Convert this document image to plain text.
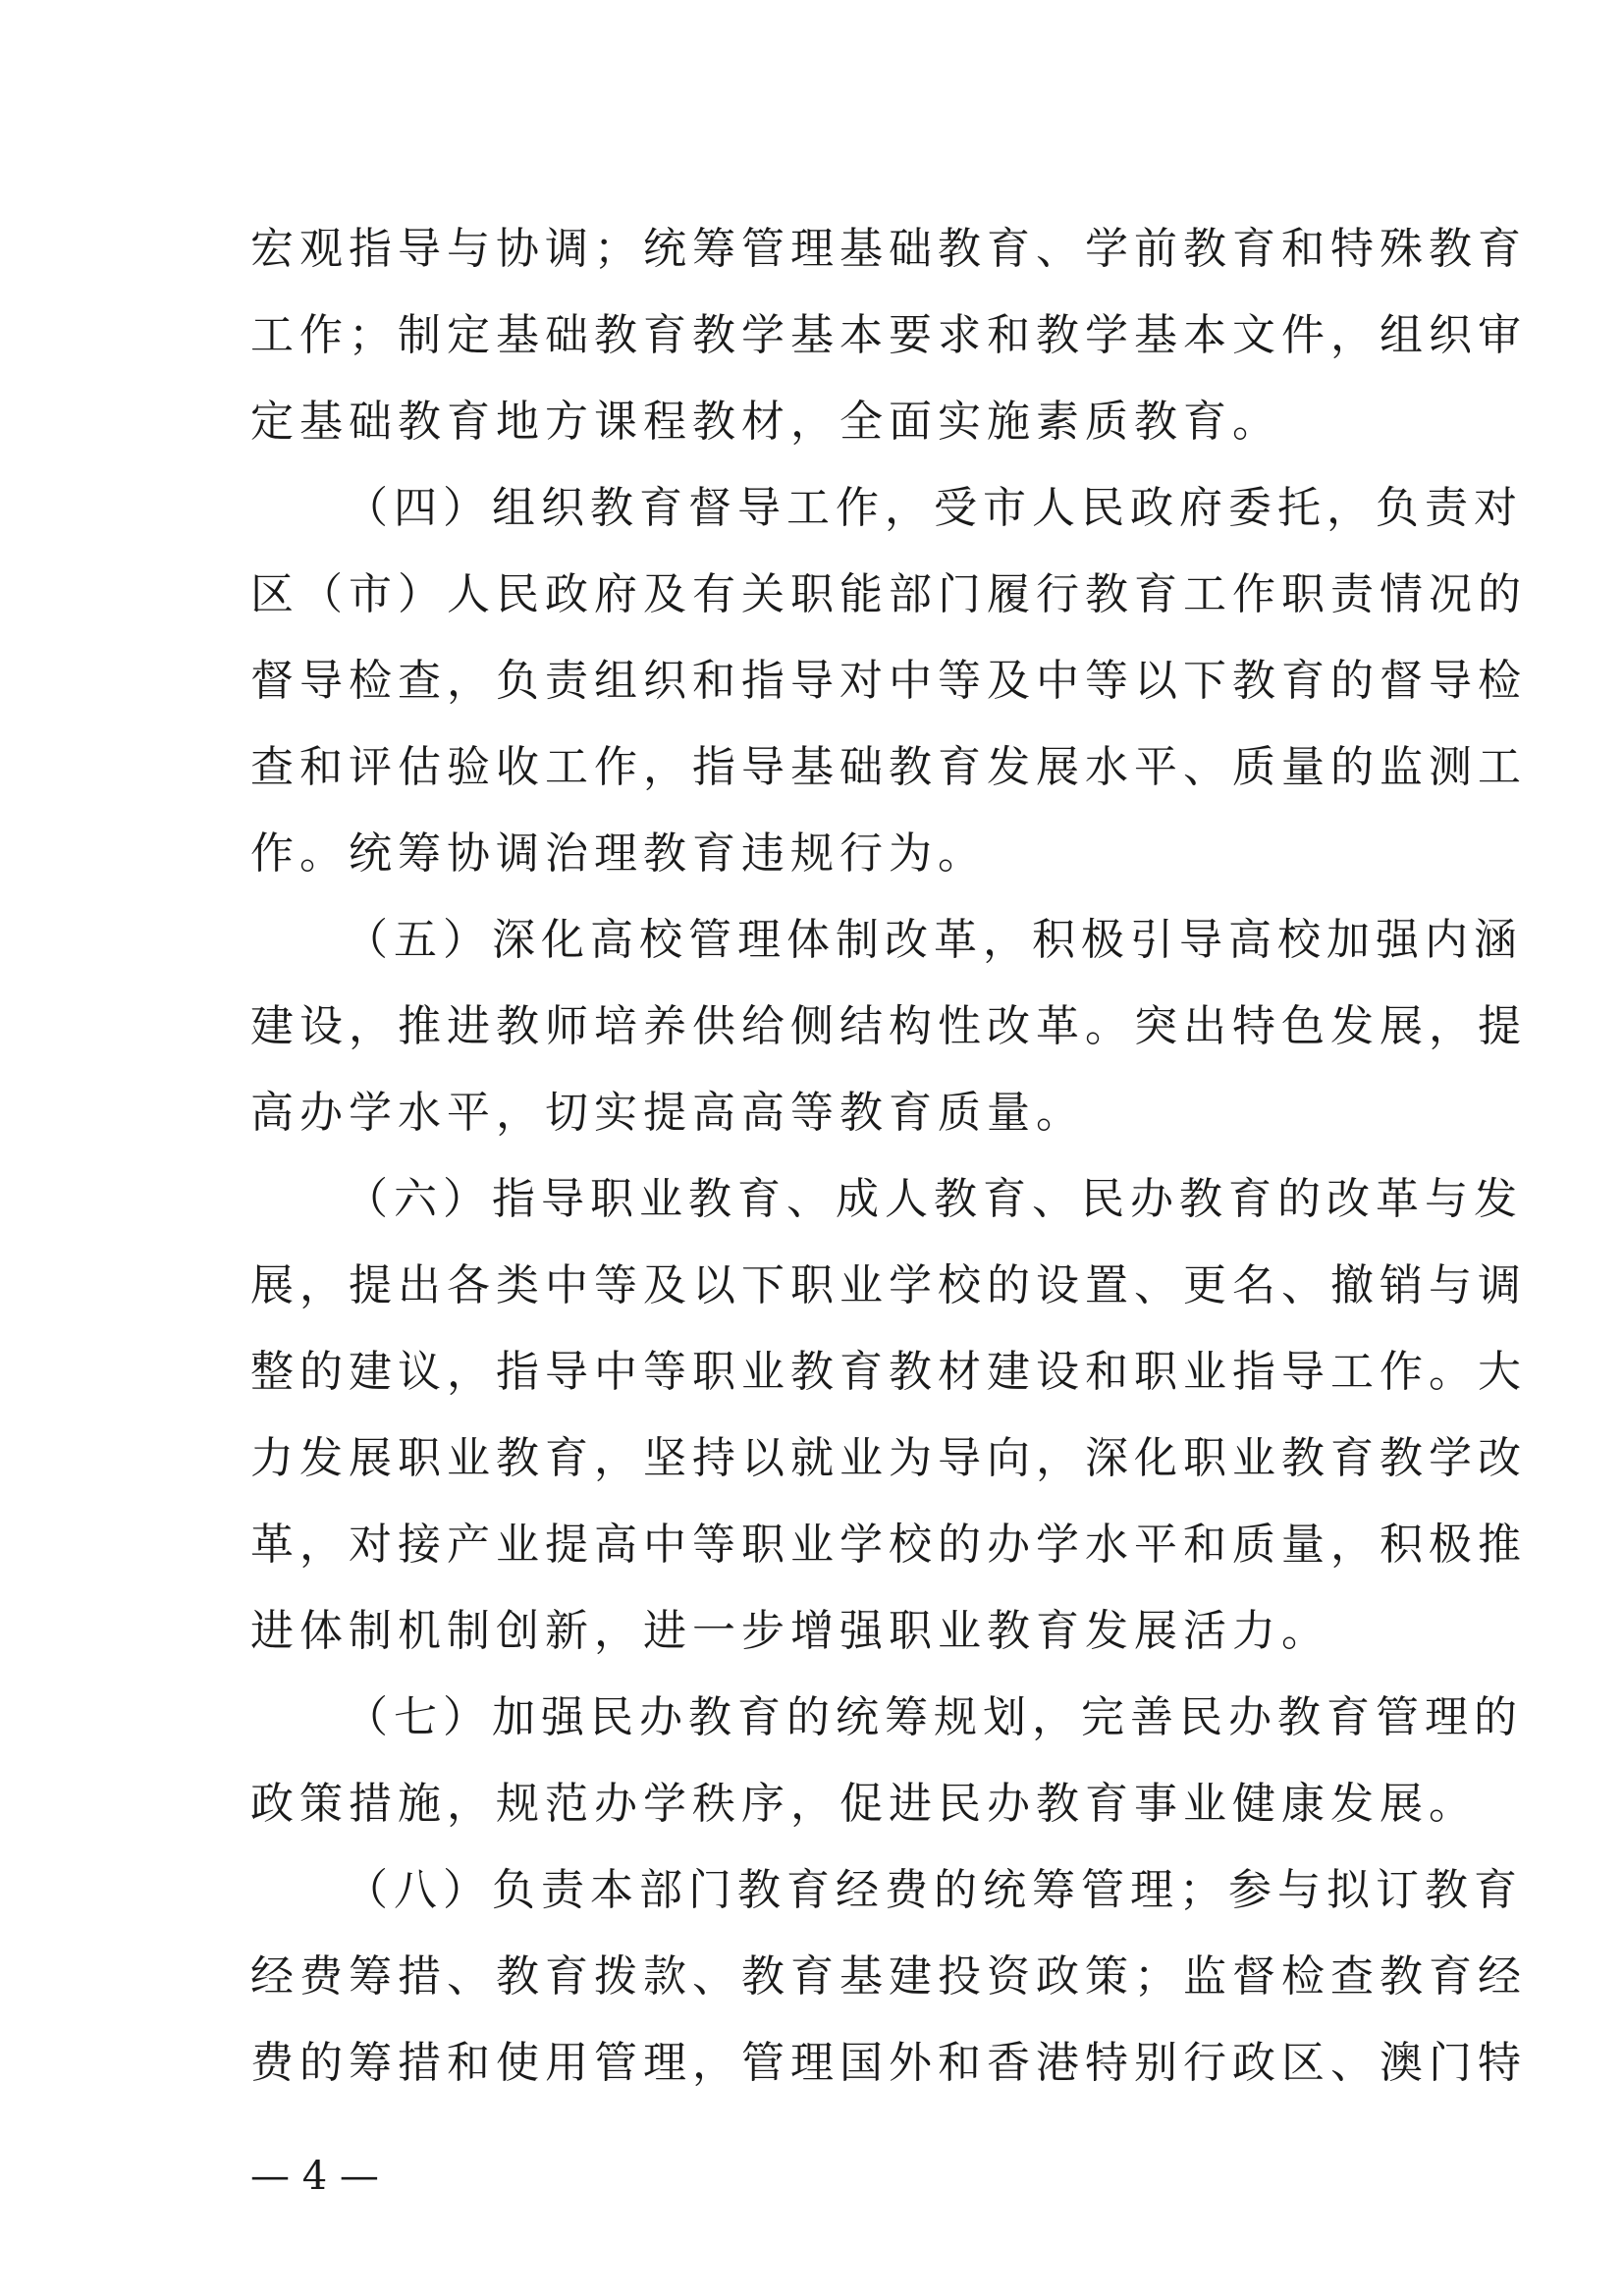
宏观指导与协调；统筹管理基础教育、学前教育和特殊教育
工作；制定基础教育教学基本要求和教学基本文件，组织审
定基础教育地方课程教材，全面实施素质教育。
（四）组织教育督导工作，受市人民政府委托，负责对
区（市）人民政府及有关职能部门履行教育工作职责情况的
督导检查，负责组织和指导对中等及中等以下教育的督导检
查和评估验收工作，指导基础教育发展水平、质量的监测工
作。统筹协调治理教育违规行为。
（五）深化高校管理体制改革，积极引导高校加强内涵
建设，推进教师培养供给侧结构性改革。突出特色发展，提
高办学水平，切实提高高等教育质量。
（六）指导职业教育、成人教育、民办教育的改革与发
展，提出各类中等及以下职业学校的设置、更名、撤销与调
整的建议，指导中等职业教育教材建设和职业指导工作。大
力发展职业教育，坚持以就业为导向，深化职业教育教学改
革，对接产业提高中等职业学校的办学水平和质量，积极推
进体制机制创新，进一步增强职业教育发展活力。
（七）加强民办教育的统筹规划，完善民办教育管理的
政策措施，规范办学秩序，促进民办教育事业健康发展。
（八）负责本部门教育经费的统筹管理；参与拟订教育
经费筹措、教育拨款、教育基建投资政策；监督检查教育经
费的筹措和使用管理，管理国外和香港特别行政区、澳门特
— 4 —
